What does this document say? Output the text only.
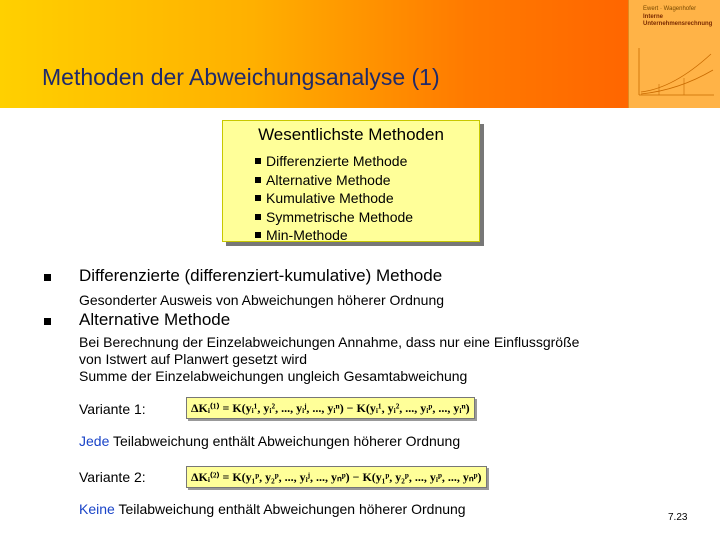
Methoden der Abweichungsanalyse (1)
Ewert · Wagenhofer
Interne Unternehmensrechnung
Wesentlichste Methoden
Differenzierte Methode
Alternative Methode
Kumulative Methode
Symmetrische Methode
Min-Methode
Differenzierte (differenziert-kumulative) Methode
Gesonderter Ausweis von Abweichungen höherer Ordnung
Alternative Methode
Bei Berechnung der Einzelabweichungen Annahme, dass nur eine Einflussgröße
von Istwert auf Planwert gesetzt wird
Summe der Einzelabweichungen ungleich Gesamtabweichung
Variante 1:	ΔKᵢ⁽¹⁾ = K(yᵢ¹, yᵢ², ..., yᵢʲ, ..., yᵢⁿ) − K(yᵢ¹, yᵢ², ..., yᵢᵖ, ..., yᵢⁿ)
Jede Teilabweichung enthält Abweichungen höherer Ordnung
Variante 2:	ΔKᵢ⁽²⁾ = K(y₁ᵖ, y₂ᵖ, ..., yᵢʲ, ..., yₙᵖ) − K(y₁ᵖ, y₂ᵖ, ..., yᵢᵖ, ..., yₙᵖ)
Keine Teilabweichung enthält Abweichungen höherer Ordnung
7.23
